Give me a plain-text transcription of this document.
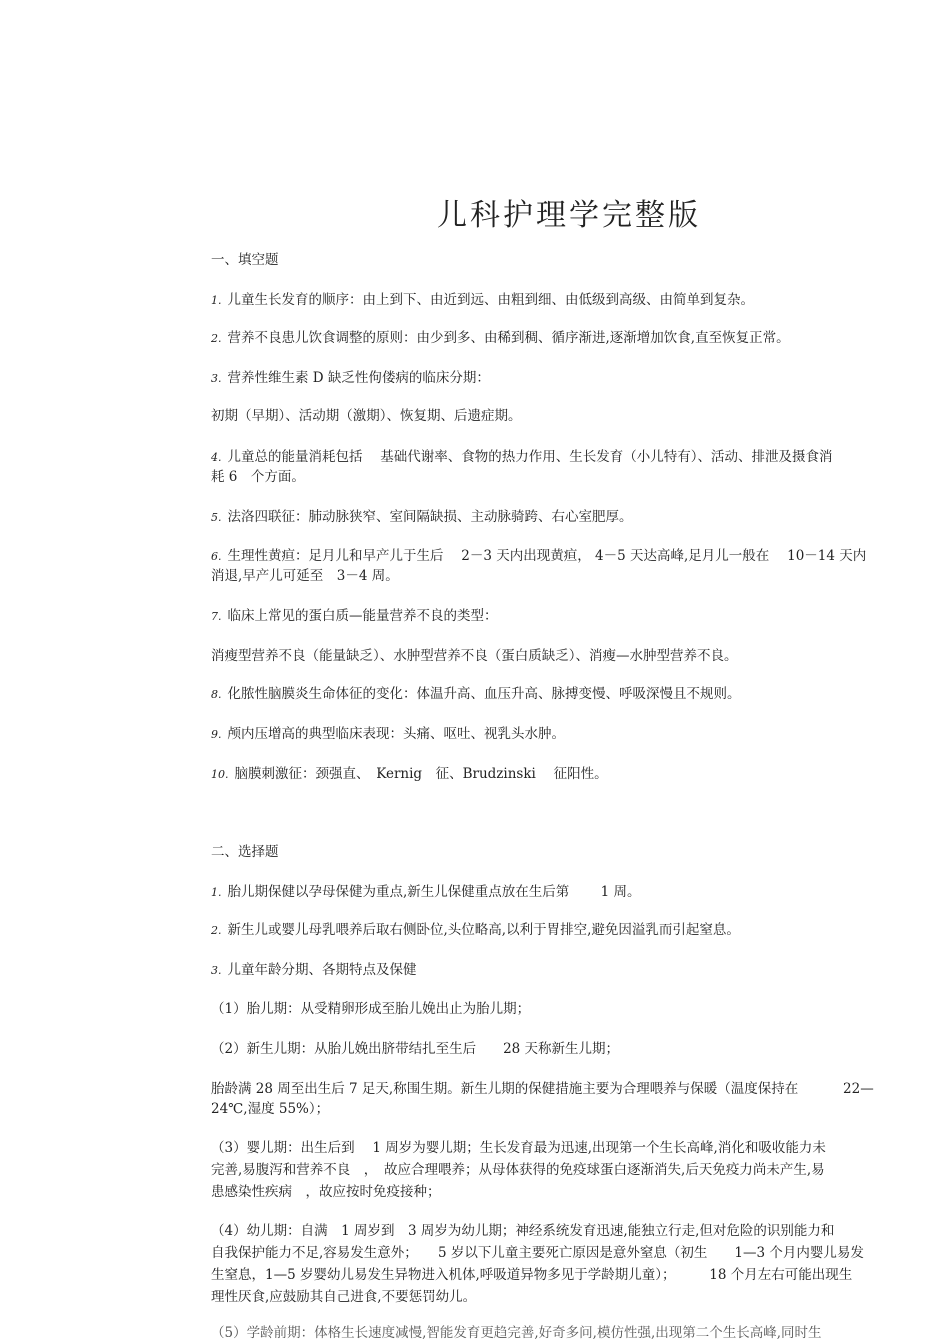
儿科护理学完整版
一、填空题
1. 儿童生长发育的顺序：由上到下、由近到远、由粗到细、由低级到高级、由简单到复杂。
2. 营养不良患儿饮食调整的原则：由少到多、由稀到稠、循序渐进,逐渐增加饮食,直至恢复正常。
3. 营养性维生素 D 缺乏性佝偻病的临床分期：
初期（早期）、活动期（激期）、恢复期、后遗症期。
4. 儿童总的能量消耗包括　 基础代谢率、食物的热力作用、生长发育（小儿特有）、活动、排泄及摄食消
耗 6　个方面。
5. 法洛四联征：肺动脉狭窄、室间隔缺损、主动脉骑跨、右心室肥厚。
6. 生理性黄疸：足月儿和早产儿于生后　 2－3 天内出现黄疸， 4－5 天达高峰,足月儿一般在　 10－14 天内
消退,早产儿可延至　3－4 周。
7. 临床上常见的蛋白质—能量营养不良的类型：
消瘦型营养不良（能量缺乏）、水肿型营养不良（蛋白质缺乏）、消瘦—水肿型营养不良。
8. 化脓性脑膜炎生命体征的变化：体温升高、血压升高、脉搏变慢、呼吸深慢且不规则。
9. 颅内压增高的典型临床表现：头痛、呕吐、视乳头水肿。
10. 脑膜刺激征：颈强直、　Kernig　征、Brudzinski　 征阳性。
二、选择题
1. 胎儿期保健以孕母保健为重点,新生儿保健重点放在生后第　　 1 周。
2. 新生儿或婴儿母乳喂养后取右侧卧位,头位略高,以利于胃排空,避免因溢乳而引起窒息。
3. 儿童年龄分期、各期特点及保健
（1）胎儿期：从受精卵形成至胎儿娩出止为胎儿期；
（2）新生儿期：从胎儿娩出脐带结扎至生后　　28 天称新生儿期；
胎龄满 28 周至出生后 7 足天,称围生期。新生儿期的保健措施主要为合理喂养与保暖（温度保持在　　　 22—
24℃,湿度 55%）；
（3）婴儿期：出生后到　 1 周岁为婴儿期；生长发育最为迅速,出现第一个生长高峰,消化和吸收能力未
完善,易腹泻和营养不良　，　故应合理喂养；从母体获得的免疫球蛋白逐渐消失,后天免疫力尚未产生,易
患感染性疾病　，故应按时免疫接种；
（4）幼儿期：自满　1 周岁到　3 周岁为幼儿期；神经系统发育迅速,能独立行走,但对危险的识别能力和
自我保护能力不足,容易发生意外；　　5 岁以下儿童主要死亡原因是意外窒息（初生　　1—3 个月内婴儿易发
生窒息，1—5 岁婴幼儿易发生异物进入机体,呼吸道异物多见于学龄期儿童）；　　　18 个月左右可能出现生
理性厌食,应鼓励其自己进食,不要惩罚幼儿。
（5）学龄前期：体格生长速度减慢,智能发育更趋完善,好奇多问,模仿性强,出现第二个生长高峰,同时生
